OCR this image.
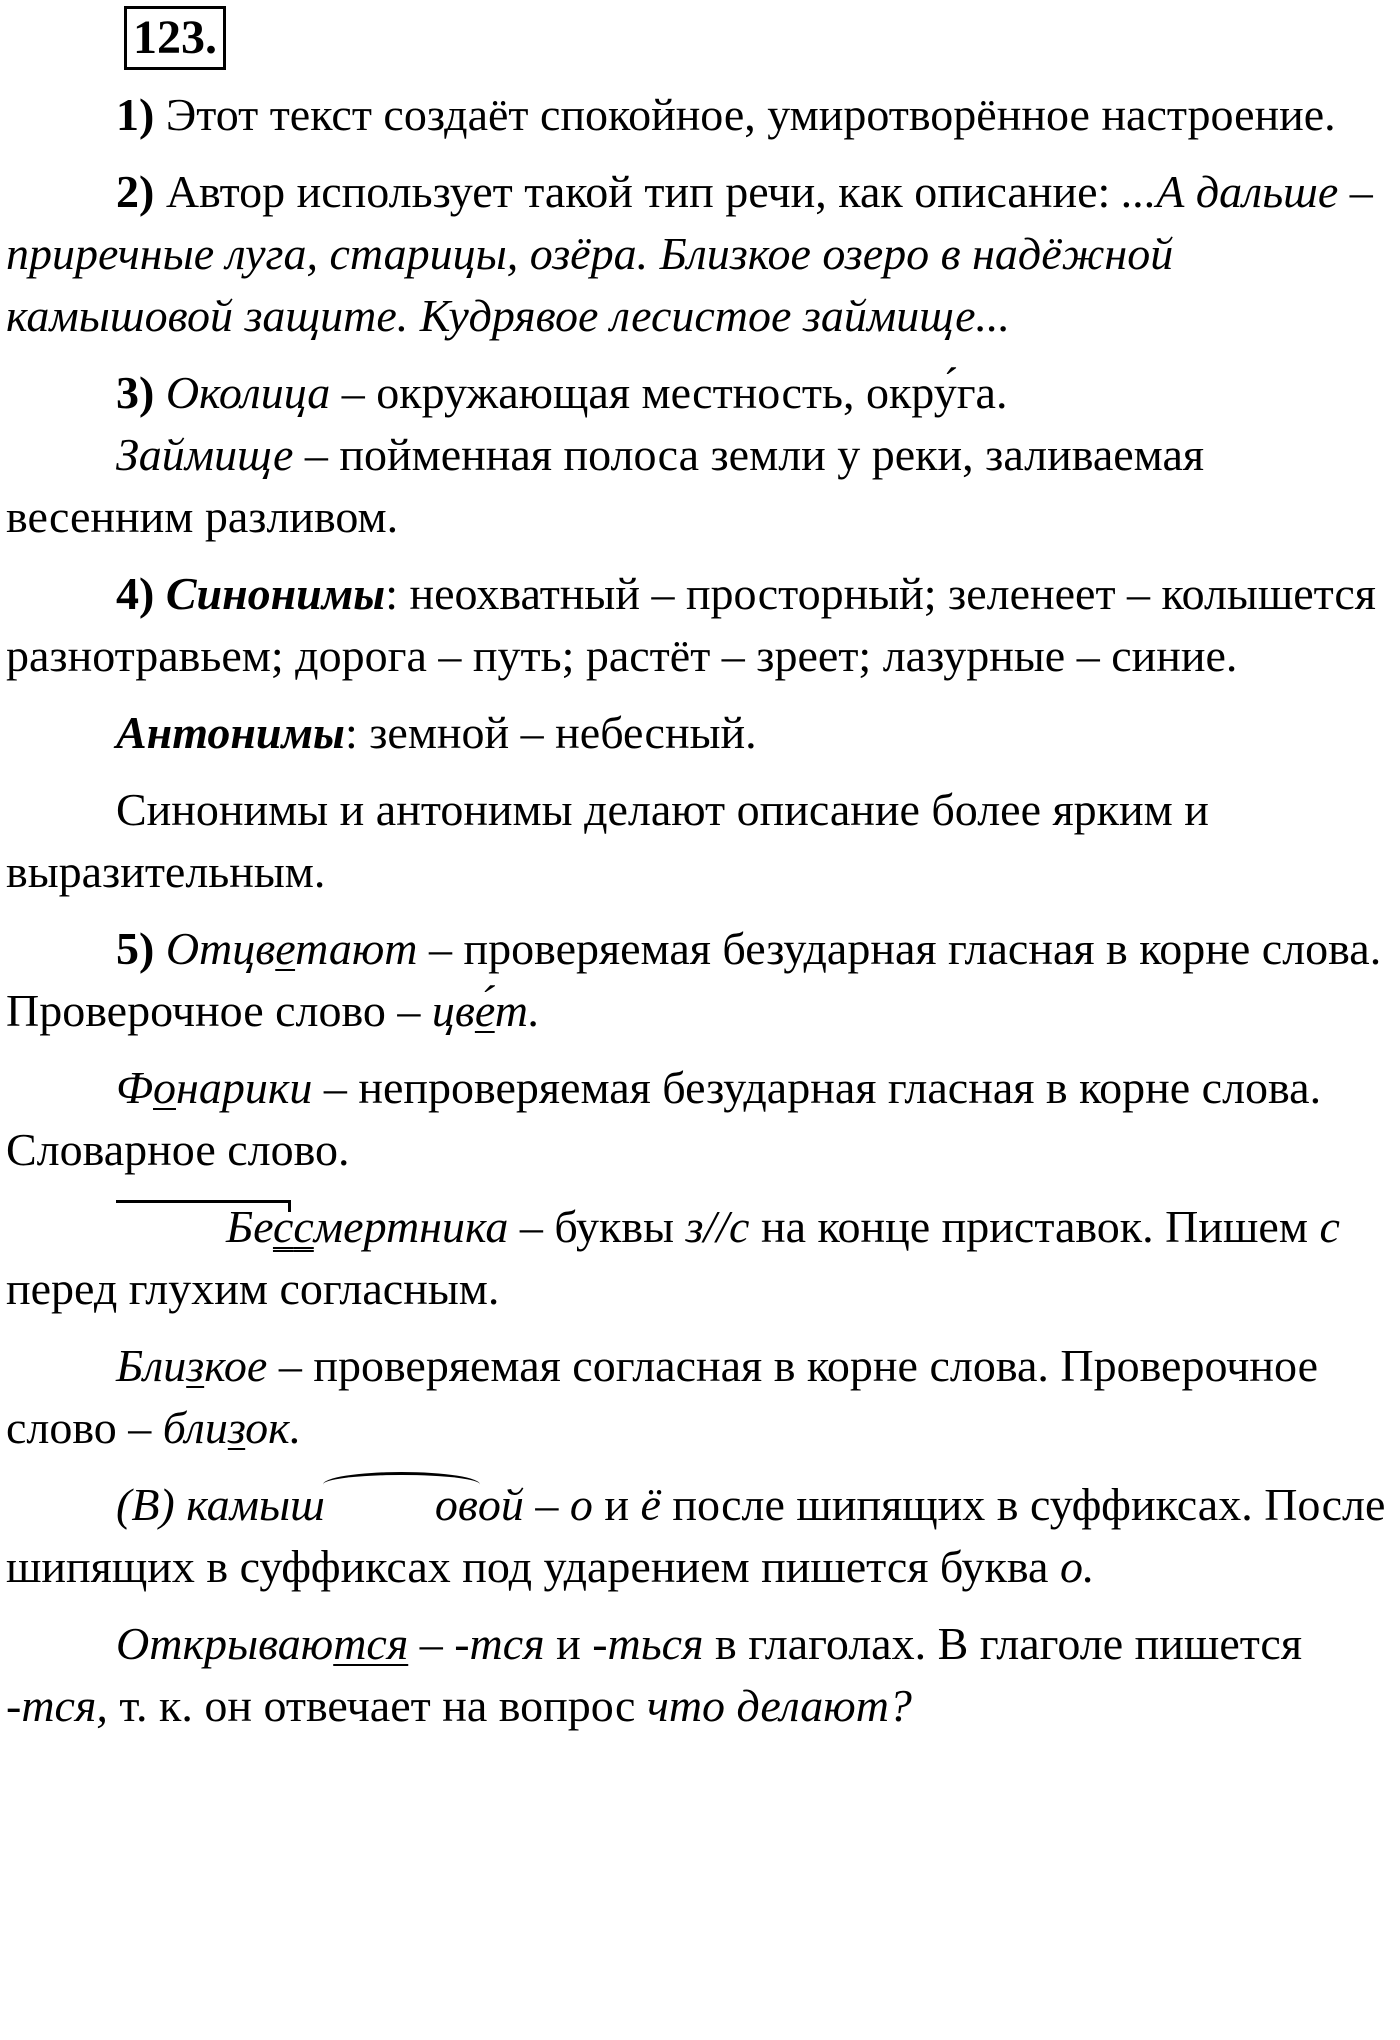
123.

1) Этот текст создаёт спокойное, умиротворённое настроение.

2) Автор использует такой тип речи, как описание: ...А дальше – приречные луга, старицы, озёра. Близкое озеро в надёжной камышовой защите. Кудрявое лесистое займище...

3) Околица – окружающая местность, окру́га.

Займище – пойменная полоса земли у реки, заливаемая весенним разливом.

4) Синонимы: неохватный – просторный; зеленеет – колышется разнотравьем; дорога – путь; растёт – зреет; лазурные – синие.

Антонимы: земной – небесный.

Синонимы и антонимы делают описание более ярким и выразительным.

5) Отцветают – проверяемая безударная гласная в корне слова. Проверочное слово – цве́т.

Фонарики – непроверяемая безударная гласная в корне слова. Словарное слово.

Бессмертника – буквы з//с на конце приставок. Пишем с перед глухим согласным.

Близкое – проверяемая согласная в корне слова. Проверочное слово – близок.

(В) камыш овой – о и ё после шипящих в суффиксах. После шипящих в суффиксах под ударением пишется буква о.

Открываются – -тся и -ться в глаголах. В глаголе пишется -тся, т. к. он отвечает на вопрос что делают?
